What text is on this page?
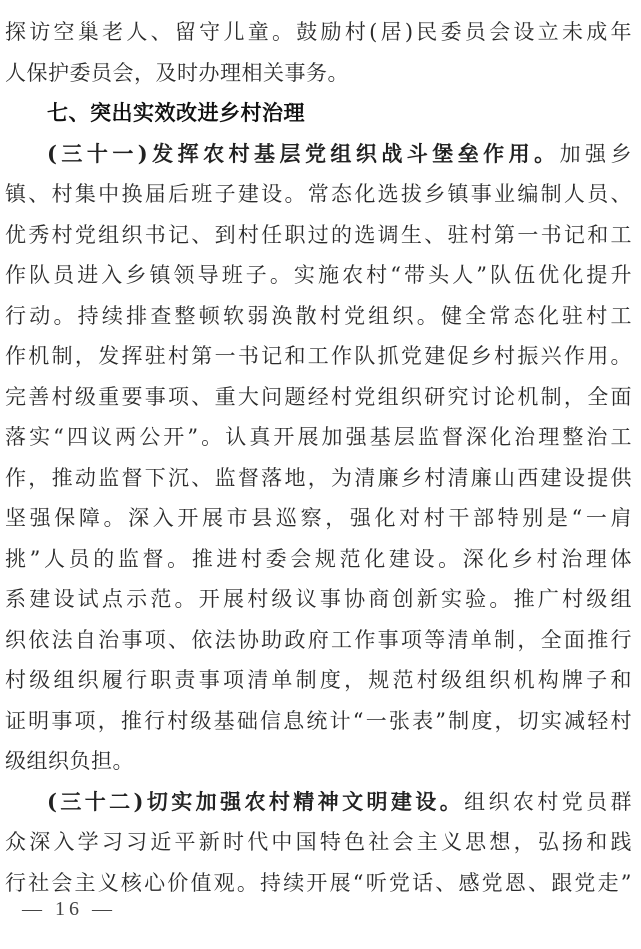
探访空巢老人、留守儿童。鼓励村(居)民委员会设立未成年
人保护委员会，及时办理相关事务。
七、突出实效改进乡村治理
(三十一)发挥农村基层党组织战斗堡垒作用。加强乡
镇、村集中换届后班子建设。常态化选拔乡镇事业编制人员、
优秀村党组织书记、到村任职过的选调生、驻村第一书记和工
作队员进入乡镇领导班子。实施农村“带头人”队伍优化提升
行动。持续排查整顿软弱涣散村党组织。健全常态化驻村工
作机制，发挥驻村第一书记和工作队抓党建促乡村振兴作用。
完善村级重要事项、重大问题经村党组织研究讨论机制，全面
落实“四议两公开”。认真开展加强基层监督深化治理整治工
作，推动监督下沉、监督落地，为清廉乡村清廉山西建设提供
坚强保障。深入开展市县巡察，强化对村干部特别是“一肩
挑”人员的监督。推进村委会规范化建设。深化乡村治理体
系建设试点示范。开展村级议事协商创新实验。推广村级组
织依法自治事项、依法协助政府工作事项等清单制，全面推行
村级组织履行职责事项清单制度，规范村级组织机构牌子和
证明事项，推行村级基础信息统计“一张表”制度，切实减轻村
级组织负担。
(三十二)切实加强农村精神文明建设。组织农村党员群
众深入学习习近平新时代中国特色社会主义思想，弘扬和践
行社会主义核心价值观。持续开展“听党话、感党恩、跟党走”
— 16 —
